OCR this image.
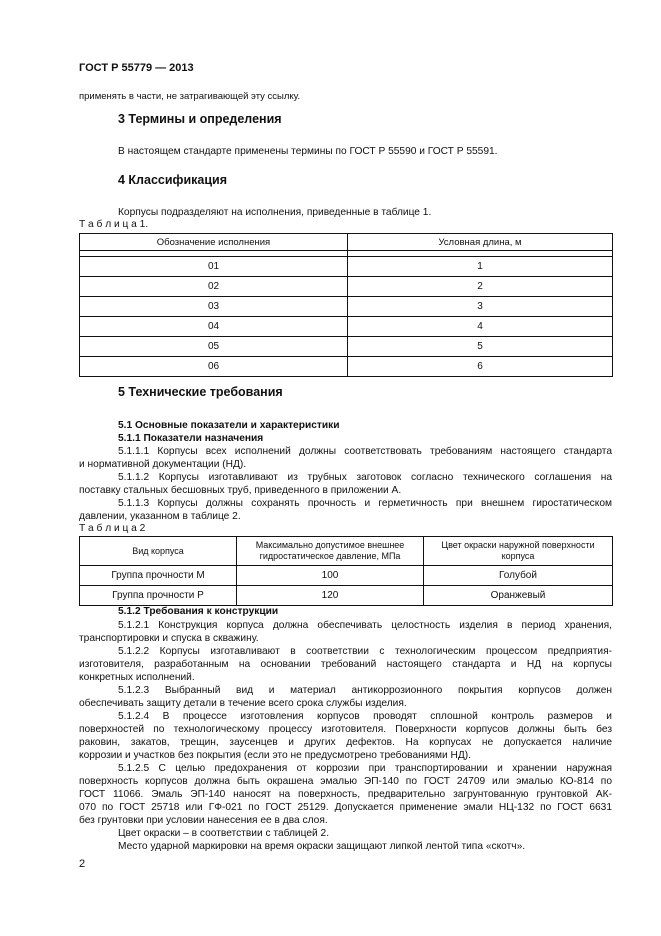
ГОСТ Р 55779 — 2013
применять в части, не затрагивающей эту ссылку.
3 Термины и определения
В настоящем стандарте применены термины по ГОСТ Р 55590 и ГОСТ Р 55591.
4 Классификация
Корпусы подразделяют на исполнения, приведенные в таблице 1.
Т а б л и ц а 1.
Обозначение исполнения	Условная длина, м

01	1
02	2
03	3
04	4
05	5
06	6
5 Технические требования
5.1 Основные показатели и характеристики
5.1.1 Показатели назначения
5.1.1.1 Корпусы всех исполнений должны соответствовать требованиям настоящего стандарта
и нормативной документации (НД).
5.1.1.2 Корпусы изготавливают из трубных заготовок согласно технического соглашения на
поставку стальных бесшовных труб, приведенного в приложении А.
5.1.1.3 Корпусы должны сохранять прочность и герметичность при внешнем гиростатическом
давлении, указанном в таблице 2.
Т а б л и ц а 2
Вид корпуса	Максимально допустимое внешнее гидростатическое давление, МПа	Цвет окраски наружной поверхности корпуса
Группа прочности М	100	Голубой
Группа прочности Р	120	Оранжевый
5.1.2 Требования к конструкции
5.1.2.1 Конструкция корпуса должна обеспечивать целостность изделия в период хранения,
транспортировки и спуска в скважину.
5.1.2.2 Корпусы изготавливают в соответствии с технологическим процессом предприятия-
изготовителя, разработанным на основании требований настоящего стандарта и НД на корпусы
конкретных исполнений.
5.1.2.3 Выбранный вид и материал антикоррозионного покрытия корпусов должен
обеспечивать защиту детали в течение всего срока службы изделия.
5.1.2.4 В процессе изготовления корпусов проводят сплошной контроль размеров и
поверхностей по технологическому процессу изготовителя. Поверхности корпусов должны быть без
раковин, закатов, трещин, заусенцев и других дефектов. На корпусах не допускается наличие
коррозии и участков без покрытия (если это не предусмотрено требованиями НД).
5.1.2.5 С целью предохранения от коррозии при транспортировании и хранении наружная
поверхность корпусов должна быть окрашена эмалью ЭП-140 по ГОСТ 24709 или эмалью КО-814 по
ГОСТ 11066. Эмаль ЭП-140 наносят на поверхность, предварительно загрунтованную грунтовкой АК-
070 по ГОСТ 25718 или ГФ-021 по ГОСТ 25129. Допускается применение эмали НЦ-132 по ГОСТ 6631
без грунтовки при условии нанесения ее в два слоя.
Цвет окраски – в соответствии с таблицей 2.
Место ударной маркировки на время окраски защищают липкой лентой типа «скотч».
2
